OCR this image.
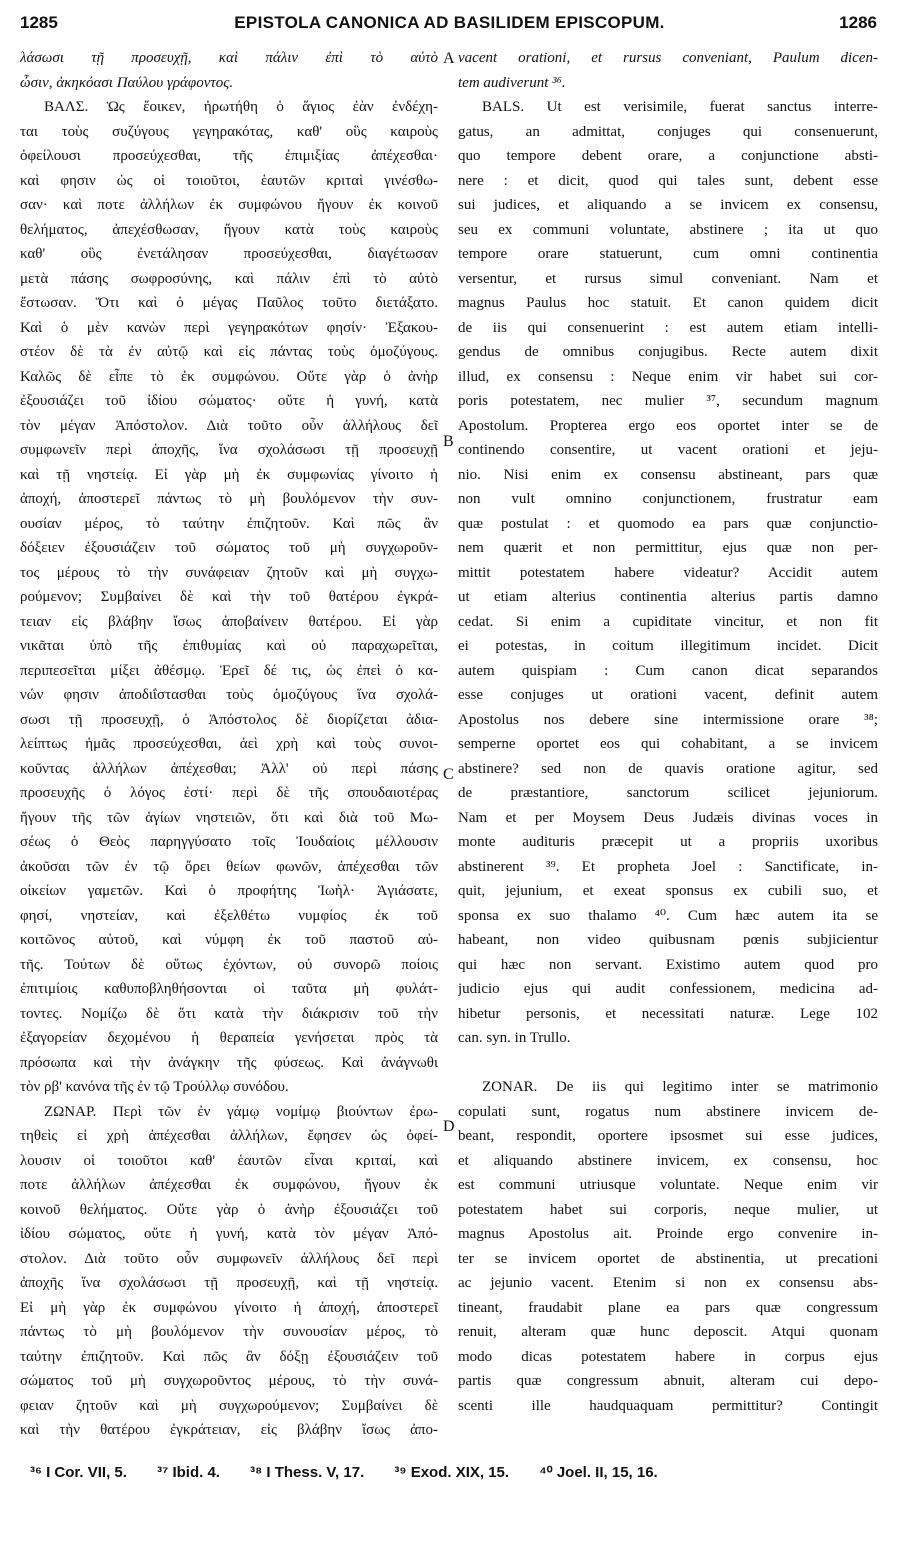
1285	EPISTOLA CANONICA AD BASILIDEM EPISCOPUM.	1286
λάσωσι τῇ προσευχῇ, καὶ πάλιν ἐπὶ τὸ αὐτὸ
ὦσιν, ἀκηκόασι Παύλου γράφοντος.
ΒΑΛΣ. Ὡς ἔοικεν, ἠρωτήθη ὁ ἅγιος ἐὰν ἐνδέχη-
ται τοὺς συζύγους γεγηρακότας, καθ' οὓς καιροὺς
ὀφείλουσι προσεύχεσθαι, τῆς ἐπιμιξίας ἀπέχεσθαι·
καὶ φησιν ὡς οἱ τοιοῦτοι, ἑαυτῶν κριταὶ γινέσθω-
σαν· καὶ ποτε ἀλλήλων ἐκ συμφώνου ἤγουν ἐκ κοινοῦ
θελήματος, ἀπεχέσθωσαν, ἤγουν κατὰ τοὺς καιροὺς
καθ' οὓς ἐνετάλησαν προσεύχεσθαι, διαγέτωσαν
μετὰ πάσης σωφροσύνης, καὶ πάλιν ἐπὶ τὸ αὐτὸ
ἔστωσαν. Ὅτι καὶ ὁ μέγας Παῦλος τοῦτο διετάξατο.
Καὶ ὁ μὲν κανὼν περὶ γεγηρακότων φησίν· Ἐξακου-
στέον δὲ τὰ ἐν αὐτῷ καὶ εἰς πάντας τοὺς ὁμοζύγους.
Καλῶς δὲ εἶπε τὸ ἐκ συμφώνου. Οὔτε γὰρ ὁ ἀνὴρ
ἐξουσιάζει τοῦ ἰδίου σώματος· οὔτε ἡ γυνή, κατὰ
τὸν μέγαν Ἀπόστολον. Διὰ τοῦτο οὖν ἀλλήλους δεῖ
συμφωνεῖν περὶ ἀποχῆς, ἵνα σχολάσωσι τῇ προσευχῇ
καὶ τῇ νηστείᾳ. Εἰ γὰρ μὴ ἐκ συμφωνίας γίνοιτο ἡ
ἀποχή, ἀποστερεῖ πάντως τὸ μὴ βουλόμενον τὴν συν-
ουσίαν μέρος, τὸ ταύτην ἐπιζητοῦν. Καὶ πῶς ἂν
δόξειεν ἐξουσιάζειν τοῦ σώματος τοῦ μὴ συγχωροῦν-
τος μέρους τὸ τὴν συνάφειαν ζητοῦν καὶ μὴ συγχω-
ρούμενον; Συμβαίνει δὲ καὶ τὴν τοῦ θατέρου ἐγκρά-
τειαν εἰς βλάβην ἴσως ἀποβαίνειν θατέρου. Εἰ γὰρ
νικᾶται ὑπὸ τῆς ἐπιθυμίας καὶ οὐ παραχωρεῖται,
περιπεσεῖται μίξει ἀθέσμῳ. Ἐρεῖ δέ τις, ὡς ἐπεὶ ὁ κα-
νών φησιν ἀποδιΐστασθαι τοὺς ὁμοζύγους ἵνα σχολά-
σωσι τῇ προσευχῇ, ὁ Ἀπόστολος δὲ διορίζεται ἀδια-
λείπτως ἡμᾶς προσεύχεσθαι, ἀεὶ χρὴ καὶ τοὺς συνοι-
κοῦντας ἀλλήλων ἀπέχεσθαι; Ἀλλ' οὐ περὶ πάσης
προσευχῆς ὁ λόγος ἐστί· περὶ δὲ τῆς σπουδαιοτέρας
ἤγουν τῆς τῶν ἁγίων νηστειῶν, ὅτι καὶ διὰ τοῦ Μω-
σέως ὁ Θεὸς παρηγγύσατο τοῖς Ἰουδαίοις μέλλουσιν
ἀκοῦσαι τῶν ἐν τῷ ὄρει θείων φωνῶν, ἀπέχεσθαι τῶν
οἰκείων γαμετῶν. Καὶ ὁ προφήτης Ἰωὴλ· Ἁγιάσατε,
φησί, νηστείαν, καὶ ἐξελθέτω νυμφίος ἐκ τοῦ
κοιτῶνος αὐτοῦ, καὶ νύμφη ἐκ τοῦ παστοῦ αὐ-
τῆς. Τούτων δὲ οὕτως ἐχόντων, οὐ συνορῶ ποίοις
ἐπιτιμίοις καθυποβληθήσονται οἱ ταῦτα μὴ φυλάτ-
τοντες. Νομίζω δὲ ὅτι κατὰ τὴν διάκρισιν τοῦ τὴν
ἐξαγορείαν δεχομένου ἡ θεραπεία γενήσεται πρὸς τὰ
πρόσωπα καὶ τὴν ἀνάγκην τῆς φύσεως. Καὶ ἀνάγνωθι
τὸν ρβ' κανόνα τῆς ἐν τῷ Τρούλλῳ συνόδου.
ΖΩΝΑΡ. Περὶ τῶν ἐν γάμῳ νομίμῳ βιούντων ἐρω-
τηθεὶς εἰ χρὴ ἀπέχεσθαι ἀλλήλων, ἔφησεν ὡς ὀφεί-
λουσιν οἱ τοιοῦτοι καθ' ἑαυτῶν εἶναι κριταί, καὶ
ποτε ἀλλήλων ἀπέχεσθαι ἐκ συμφώνου, ἤγουν ἐκ
κοινοῦ θελήματος. Οὔτε γὰρ ὁ ἀνὴρ ἐξουσιάζει τοῦ
ἰδίου σώματος, οὔτε ἡ γυνή, κατὰ τὸν μέγαν Ἀπό-
στολον. Διὰ τοῦτο οὖν συμφωνεῖν ἀλλήλους δεῖ περὶ
ἀποχῆς ἵνα σχολάσωσι τῇ προσευχῇ, καὶ τῇ νηστείᾳ.
Εἰ μὴ γὰρ ἐκ συμφώνου γίνοιτο ἡ ἀποχή, ἀποστερεῖ
πάντως τὸ μὴ βουλόμενον τὴν συνουσίαν μέρος, τὸ
ταύτην ἐπιζητοῦν. Καὶ πῶς ἂν δόξῃ ἐξουσιάζειν τοῦ
σώματος τοῦ μὴ συγχωροῦντος μέρους, τὸ τὴν συνά-
φειαν ζητοῦν καὶ μὴ συγχωρούμενον; Συμβαίνει δὲ
καὶ τὴν θατέρου ἐγκράτειαν, εἰς βλάβην ἴσως ἀπο-
vacent orationi, et rursus conveniant, Paulum dicen-
tem audiverunt ³⁶.
BALS. Ut est verisimile, fuerat sanctus interre-
gatus, an admittat, conjuges qui consenuerunt,
quo tempore debent orare, a conjunctione absti-
nere : et dicit, quod qui tales sunt, debent esse
sui judices, et aliquando a se invicem ex consensu,
seu ex communi voluntate, abstinere ; ita ut quo
tempore orare statuerunt, cum omni continentia
versentur, et rursus simul conveniant. Nam et
magnus Paulus hoc statuit. Et canon quidem dicit
de iis qui consenuerint : est autem etiam intelli-
gendus de omnibus conjugibus. Recte autem dixit
illud, ex consensu : Neque enim vir habet sui cor-
poris potestatem, nec mulier ³⁷, secundum magnum
Apostolum. Propterea ergo eos oportet inter se de
continendo consentire, ut vacent orationi et jeju-
nio. Nisi enim ex consensu abstineant, pars quæ
non vult omnino conjunctionem, frustratur eam
quæ postulat : et quomodo ea pars quæ conjunctio-
nem quærit et non permittitur, ejus quæ non per-
mittit potestatem habere videatur? Accidit autem
ut etiam alterius continentia alterius partis damno
cedat. Si enim a cupiditate vincitur, et non fit
ei potestas, in coitum illegitimum incidet. Dicit
autem quispiam : Cum canon dicat separandos
esse conjuges ut orationi vacent, definit autem
Apostolus nos debere sine intermissione orare ³⁸;
semperne oportet eos qui cohabitant, a se invicem
abstinere? sed non de quavis oratione agitur, sed
de præstantiore, sanctorum scilicet jejuniorum.
Nam et per Moysem Deus Judæis divinas voces in
monte audituris præcepit ut a propriis uxoribus
abstinerent ³⁹. Et propheta Joel : Sanctificate, in-
quit, jejunium, et exeat sponsus ex cubili suo, et
sponsa ex suo thalamo ⁴⁰. Cum hæc autem ita se
habeant, non video quibusnam pœnis subjicientur
qui hæc non servant. Existimo autem quod pro
judicio ejus qui audit confessionem, medicina ad-
hibetur personis, et necessitati naturæ. Lege 102
can. syn. in Trullo.
ZONAR. De iis qui legitimo inter se matrimonio
copulati sunt, rogatus num abstinere invicem de-
beant, respondit, oportere ipsosmet sui esse judices,
et aliquando abstinere invicem, ex consensu, hoc
est communi utriusque voluntate. Neque enim vir
potestatem habet sui corporis, neque mulier, ut
magnus Apostolus ait. Proinde ergo convenire in-
ter se invicem oportet de abstinentia, ut precationi
ac jejunio vacent. Etenim si non ex consensu abs-
tineant, fraudabit plane ea pars quæ congressum
renuit, alteram quæ hunc deposcit. Atqui quonam
modo dicas potestatem habere in corpus ejus
partis quæ congressum abnuit, alteram cui depo-
scenti ille haudquaquam permittitur? Contingit
A
B
C
D
³⁶ I Cor. VII, 5. ³⁷ Ibid. 4. ³⁸ I Thess. V, 17. ³⁹ Exod. XIX, 15. ⁴⁰ Joel. II, 15, 16.
